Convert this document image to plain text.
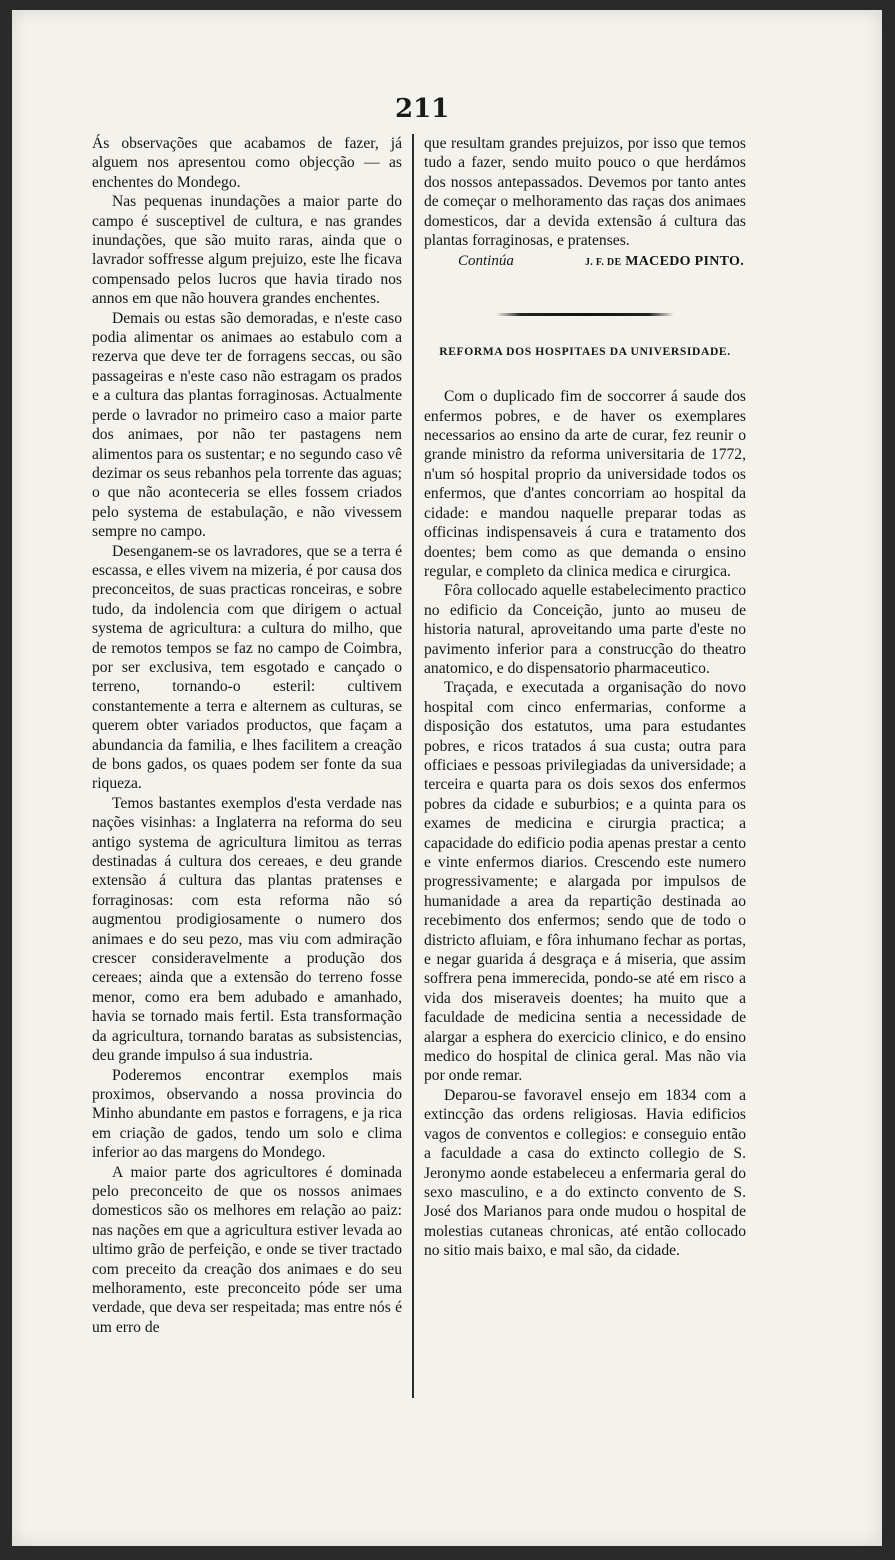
211

Ás observações que acabamos de fazer, já alguem nos apresentou como objecção — as enchentes do Mondego.

Nas pequenas inundações a maior parte do campo é susceptivel de cultura, e nas grandes inundações, que são muito raras, ainda que o lavrador soffresse algum prejuizo, este lhe ficava compensado pelos lucros que havia tirado nos annos em que não houvera grandes enchentes.

Demais ou estas são demoradas, e n'este caso podia alimentar os animaes ao estabulo com a rezerva que deve ter de forragens seccas, ou são passageiras e n'este caso não estragam os prados e a cultura das plantas forraginosas. Actualmente perde o lavrador no primeiro caso a maior parte dos animaes, por não ter pastagens nem alimentos para os sustentar; e no segundo caso vê dezimar os seus rebanhos pela torrente das aguas; o que não aconteceria se elles fossem criados pelo systema de estabulação, e não vivessem sempre no campo.

Desenganem-se os lavradores, que se a terra é escassa, e elles vivem na mizeria, é por causa dos preconceitos, de suas practicas ronceiras, e sobre tudo, da indolencia com que dirigem o actual systema de agricultura: a cultura do milho, que de remotos tempos se faz no campo de Coimbra, por ser exclusiva, tem esgotado e cançado o terreno, tornando-o esteril: cultivem constantemente a terra e alternem as culturas, se querem obter variados productos, que façam a abundancia da familia, e lhes facilitem a creação de bons gados, os quaes podem ser fonte da sua riqueza.

Temos bastantes exemplos d'esta verdade nas nações visinhas: a Inglaterra na reforma do seu antigo systema de agricultura limitou as terras destinadas á cultura dos cereaes, e deu grande extensão á cultura das plantas pratenses e forraginosas: com esta reforma não só augmentou prodigiosamente o numero dos animaes e do seu pezo, mas viu com admiração crescer consideravelmente a produção dos cereaes; ainda que a extensão do terreno fosse menor, como era bem adubado e amanhado, havia se tornado mais fertil. Esta transformação da agricultura, tornando baratas as subsistencias, deu grande impulso á sua industria.

Poderemos encontrar exemplos mais proximos, observando a nossa provincia do Minho abundante em pastos e forragens, e ja rica em criação de gados, tendo um solo e clima inferior ao das margens do Mondego.

A maior parte dos agricultores é dominada pelo preconceito de que os nossos animaes domesticos são os melhores em relação ao paiz: nas nações em que a agricultura estiver levada ao ultimo grão de perfeição, e onde se tiver tractado com preceito da creação dos animaes e do seu melhoramento, este preconceito póde ser uma verdade, que deva ser respeitada; mas entre nós é um erro de

que resultam grandes prejuizos, por isso que temos tudo a fazer, sendo muito pouco o que herdámos dos nossos antepassados. Devemos por tanto antes de começar o melhoramento das raças dos animaes domesticos, dar a devida extensão á cultura das plantas forraginosas, e pratenses.

Continúa	J. F. DE MACEDO PINTO.
REFORMA DOS HOSPITAES DA UNIVERSIDADE.

Com o duplicado fim de soccorrer á saude dos enfermos pobres, e de haver os exemplares necessarios ao ensino da arte de curar, fez reunir o grande ministro da reforma universitaria de 1772, n'um só hospital proprio da universidade todos os enfermos, que d'antes concorriam ao hospital da cidade: e mandou naquelle preparar todas as officinas indispensaveis á cura e tratamento dos doentes; bem como as que demanda o ensino regular, e completo da clinica medica e cirurgica.

Fôra collocado aquelle estabelecimento practico no edificio da Conceição, junto ao museu de historia natural, aproveitando uma parte d'este no pavimento inferior para a construcção do theatro anatomico, e do dispensatorio pharmaceutico.

Traçada, e executada a organisação do novo hospital com cinco enfermarias, conforme a disposição dos estatutos, uma para estudantes pobres, e ricos tratados á sua custa; outra para officiaes e pessoas privilegiadas da universidade; a terceira e quarta para os dois sexos dos enfermos pobres da cidade e suburbios; e a quinta para os exames de medicina e cirurgia practica; a capacidade do edificio podia apenas prestar a cento e vinte enfermos diarios. Crescendo este numero progressivamente; e alargada por impulsos de humanidade a area da repartição destinada ao recebimento dos enfermos; sendo que de todo o districto afluiam, e fôra inhumano fechar as portas, e negar guarida á desgraça e á miseria, que assim soffrera pena immerecida, pondo-se até em risco a vida dos miseraveis doentes; ha muito que a faculdade de medicina sentia a necessidade de alargar a esphera do exercicio clinico, e do ensino medico do hospital de clinica geral. Mas não via por onde remar.

Deparou-se favoravel ensejo em 1834 com a extincção das ordens religiosas. Havia edificios vagos de conventos e collegios: e conseguio então a faculdade a casa do extincto collegio de S. Jeronymo aonde estabeleceu a enfermaria geral do sexo masculino, e a do extincto convento de S. José dos Marianos para onde mudou o hospital de molestias cutaneas chronicas, até então collocado no sitio mais baixo, e mal são, da cidade.
